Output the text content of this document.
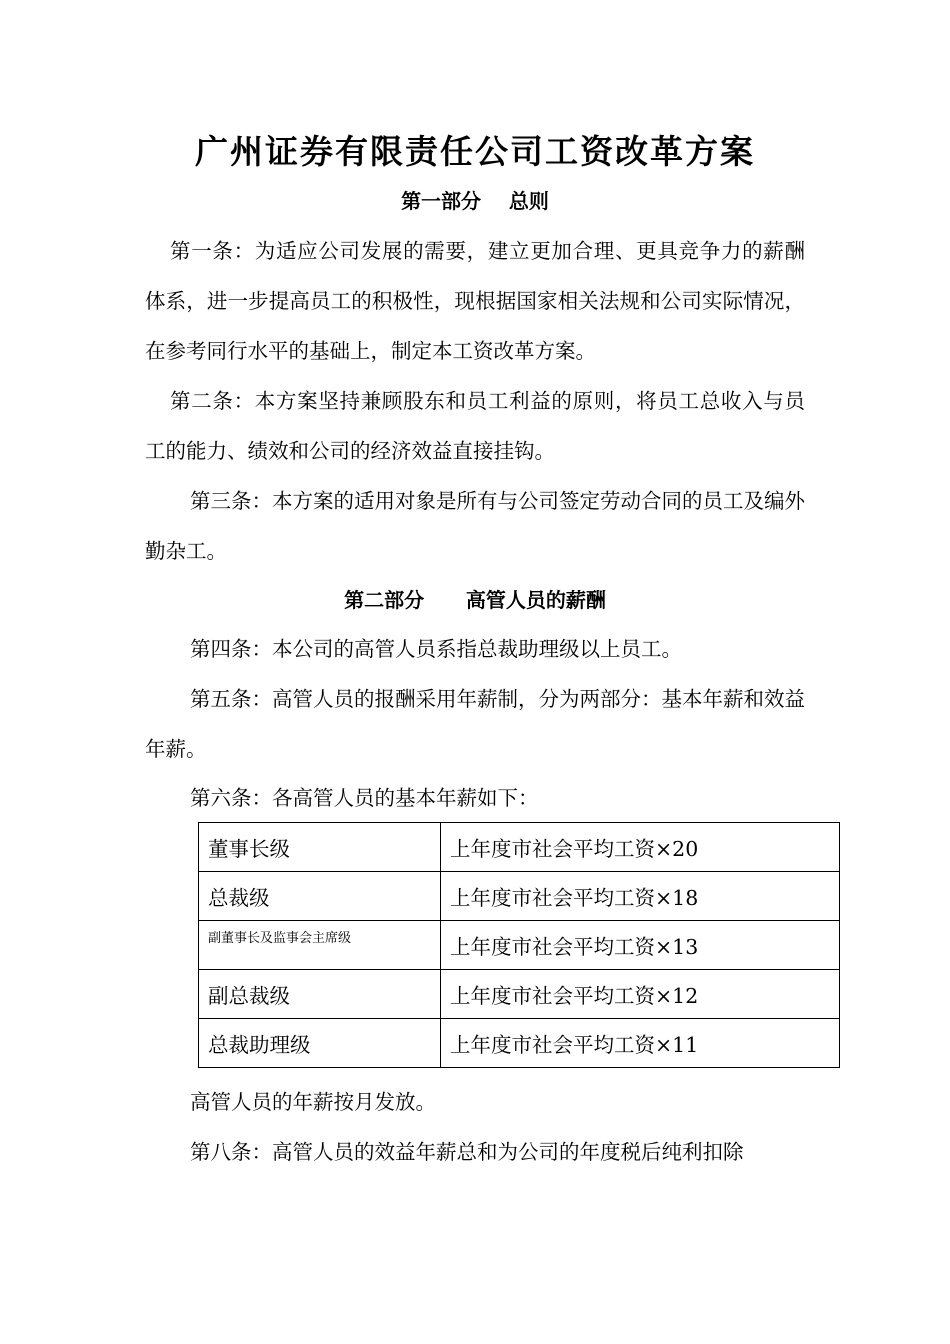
广州证券有限责任公司工资改革方案
第一部分    总则
第一条：为适应公司发展的需要，建立更加合理、更具竞争力的薪酬体系，进一步提高员工的积极性，现根据国家相关法规和公司实际情况，在参考同行水平的基础上，制定本工资改革方案。
第二条：本方案坚持兼顾股东和员工利益的原则，将员工总收入与员工的能力、绩效和公司的经济效益直接挂钩。
第三条：本方案的适用对象是所有与公司签定劳动合同的员工及编外勤杂工。
第二部分      高管人员的薪酬
第四条：本公司的高管人员系指总裁助理级以上员工。
第五条：高管人员的报酬采用年薪制，分为两部分：基本年薪和效益年薪。
第六条：各高管人员的基本年薪如下：
董事长级	上年度市社会平均工资×20
总裁级	上年度市社会平均工资×18
副董事长及监事会主席级	上年度市社会平均工资×13
副总裁级	上年度市社会平均工资×12
总裁助理级	上年度市社会平均工资×11
高管人员的年薪按月发放。
第八条：高管人员的效益年薪总和为公司的年度税后纯利扣除
